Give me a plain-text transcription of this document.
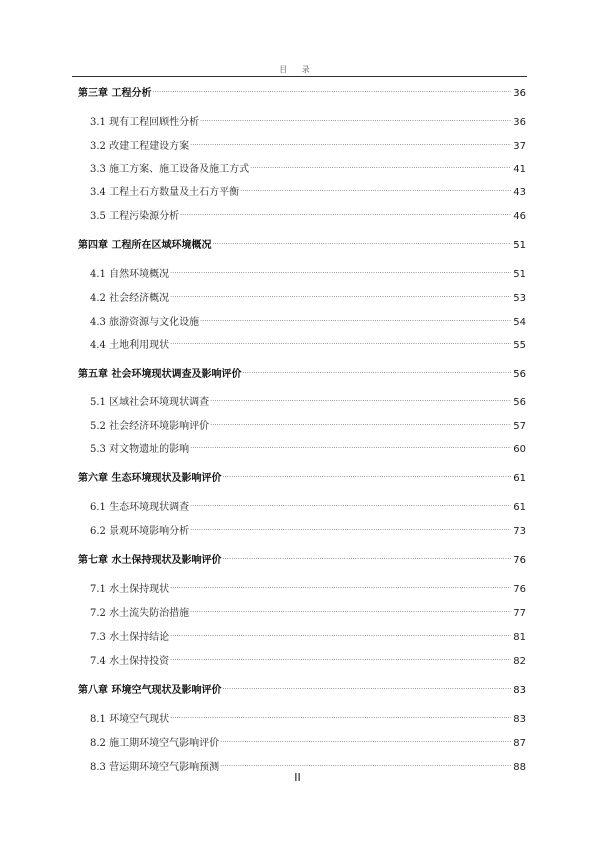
目 录
第三章 工程分析 .....	36
3.1 现有工程回顾性分析 .....	36
3.2 改建工程建设方案 .....	37
3.3 施工方案、施工设备及施工方式 .....	41
3.4 工程土石方数量及土石方平衡 .....	43
3.5 工程污染源分析 .....	46
第四章 工程所在区域环境概况 .....	51
4.1 自然环境概况 .....	51
4.2 社会经济概况 .....	53
4.3 旅游资源与文化设施 .....	54
4.4 土地利用现状 .....	55
第五章 社会环境现状调查及影响评价 .....	56
5.1 区域社会环境现状调查 .....	56
5.2 社会经济环境影响评价 .....	57
5.3 对文物遗址的影响 .....	60
第六章 生态环境现状及影响评价 .....	61
6.1 生态环境现状调查 .....	61
6.2 景观环境影响分析 .....	73
第七章 水土保持现状及影响评价 .....	76
7.1 水土保持现状 .....	76
7.2 水土流失防治措施 .....	77
7.3 水土保持结论 .....	81
7.4 水土保持投资 .....	82
第八章 环境空气现状及影响评价 .....	83
8.1 环境空气现状 .....	83
8.2 施工期环境空气影响评价 .....	87
8.3 营运期环境空气影响预测 .....	88
II
